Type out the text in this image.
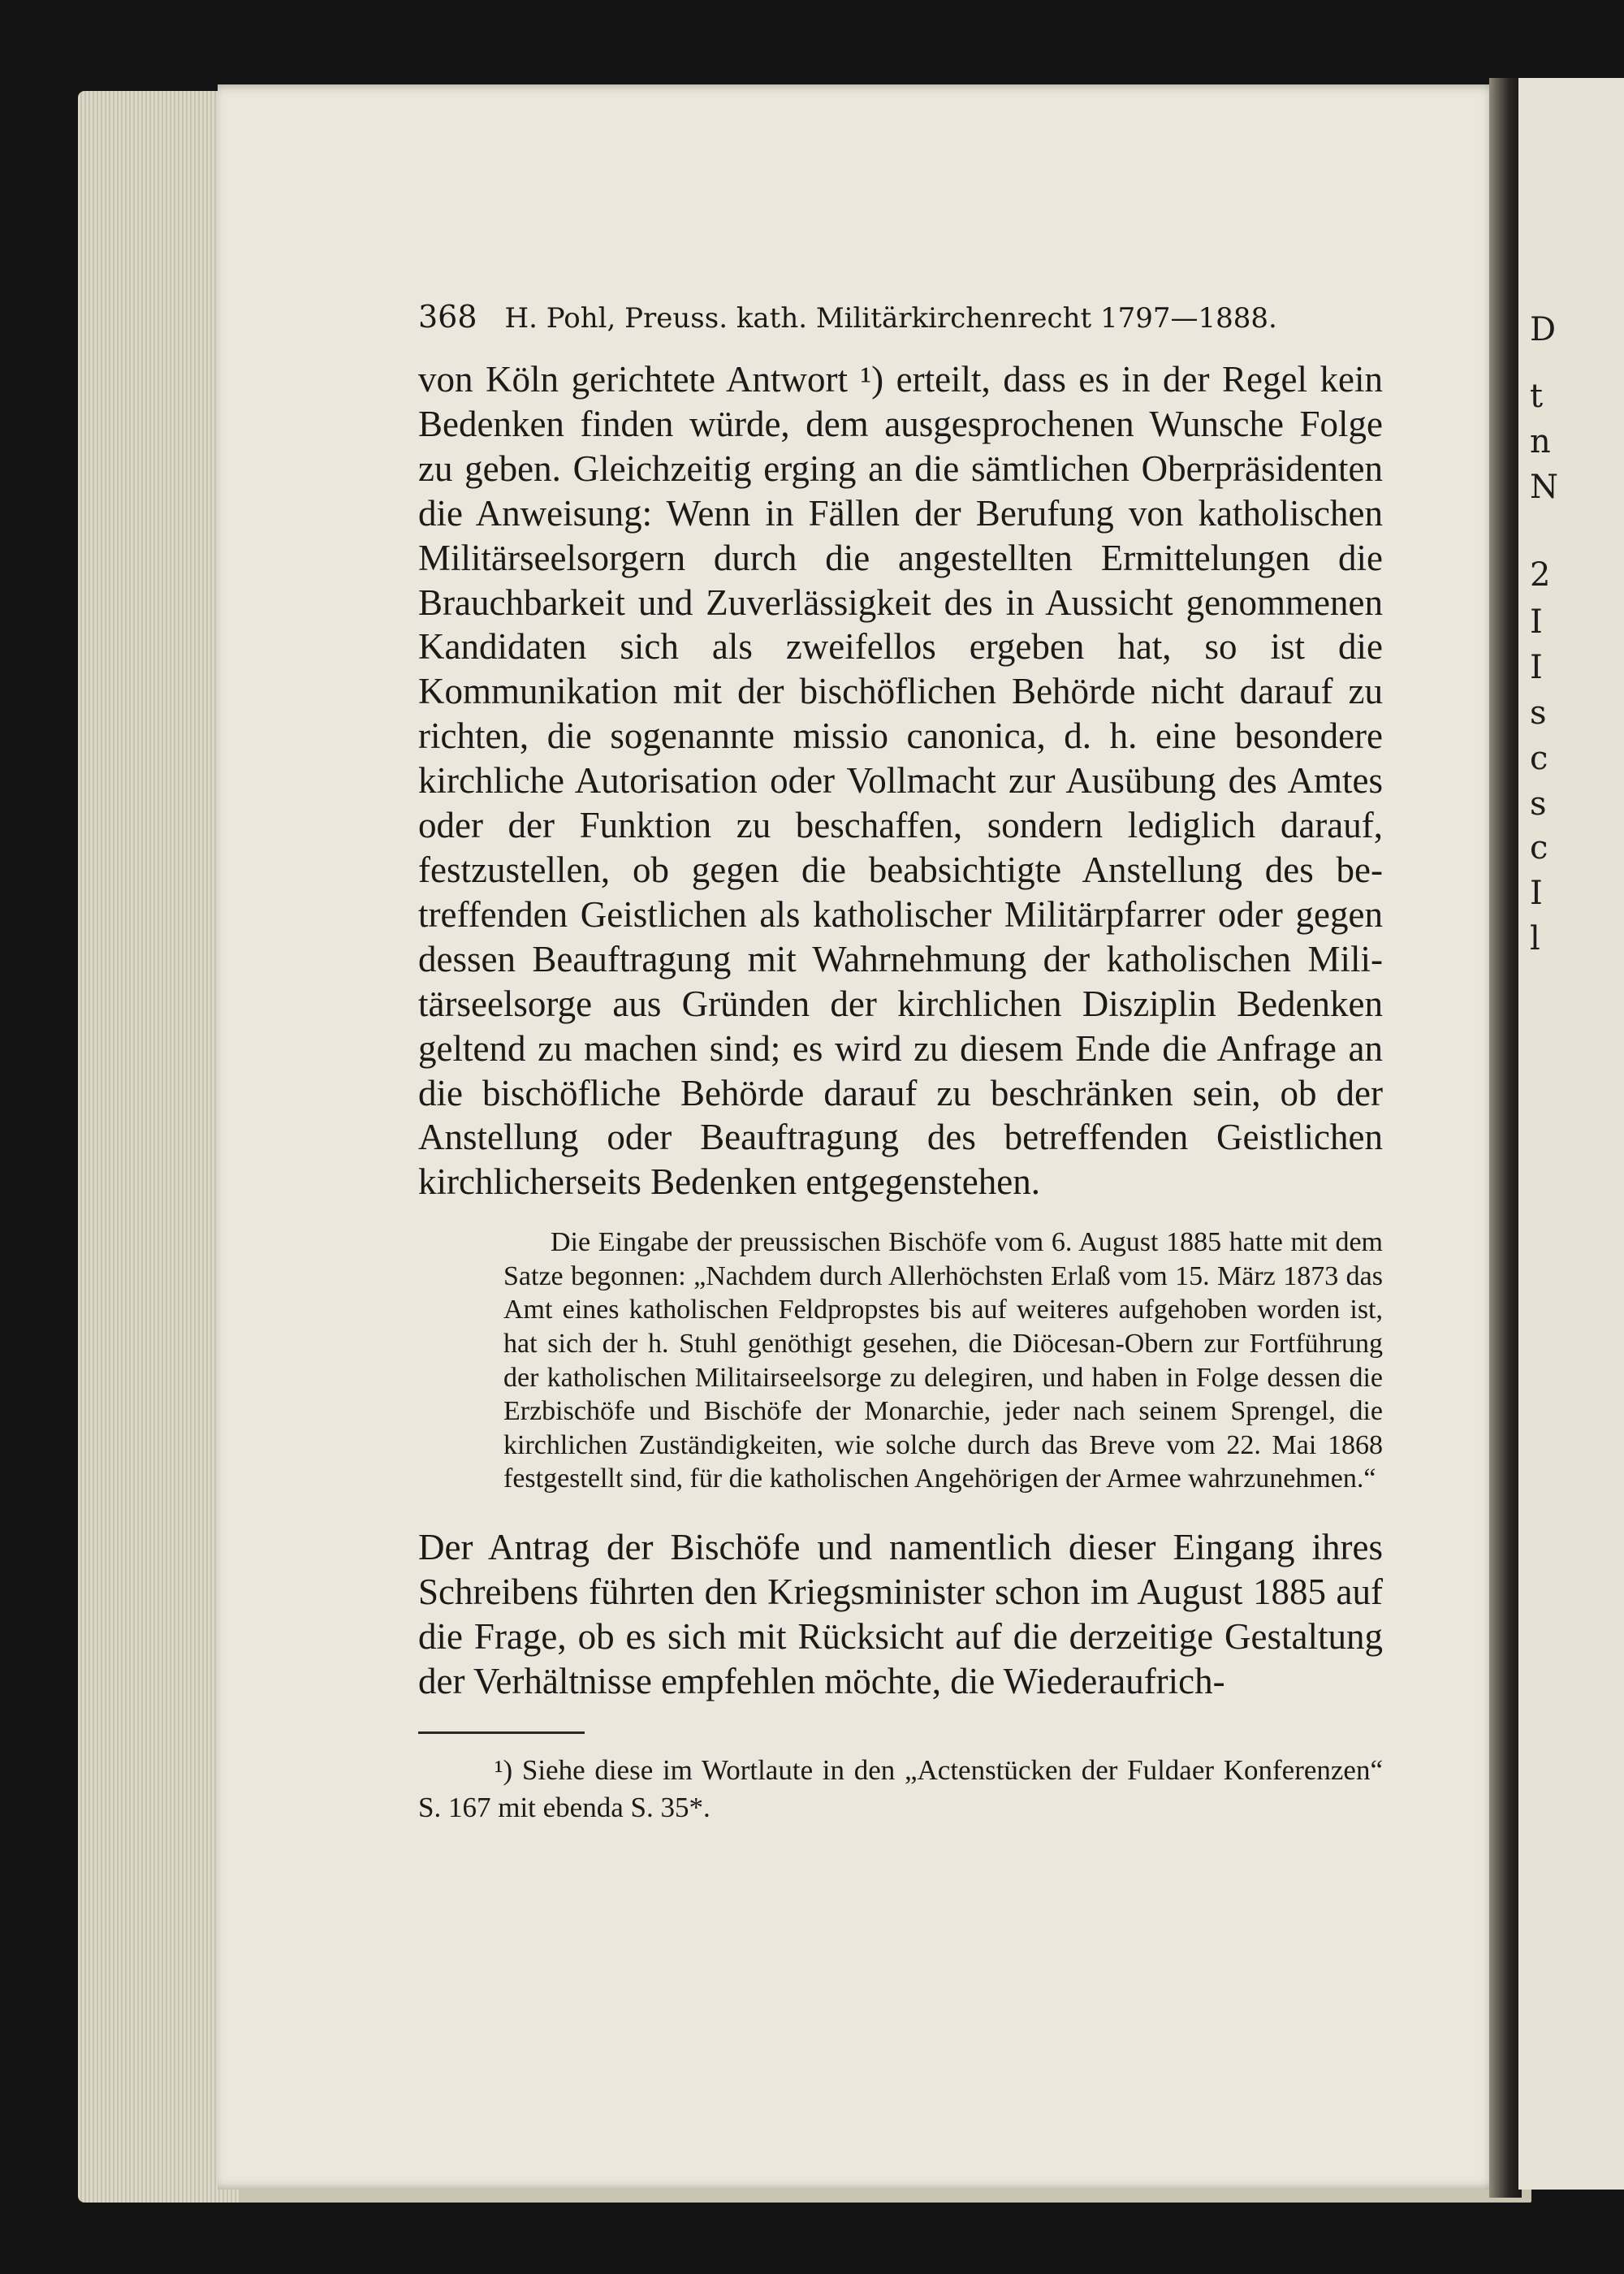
D
t
n
N
2
I
I
s
c
s
c
I
l
368 H. Pohl, Preuss. kath. Militärkirchenrecht 1797—1888.

von Köln gerichtete Antwort ¹) erteilt, dass es in der Regel kein Bedenken finden würde, dem ausgesprochenen Wunsche Folge zu geben. Gleichzeitig erging an die sämtlichen Oberpräsidenten die Anweisung: Wenn in Fällen der Berufung von katholischen Militärseelsorgern durch die angestellten Ermittelungen die Brauchbarkeit und Zuverlässigkeit des in Aussicht genommenen Kandidaten sich als zweifellos ergeben hat, so ist die Kommunikation mit der bischöflichen Behörde nicht darauf zu richten, die sogenannte missio canonica, d. h. eine besondere kirchliche Autorisation oder Vollmacht zur Ausübung des Amtes oder der Funktion zu beschaffen, sondern lediglich darauf, festzustellen, ob gegen die beabsichtigte Anstellung des betreffenden Geistlichen als katholischer Militärpfarrer oder gegen dessen Beauftragung mit Wahrnehmung der katholischen Militärseelsorge aus Gründen der kirchlichen Disziplin Bedenken geltend zu machen sind; es wird zu diesem Ende die Anfrage an die bischöfliche Behörde darauf zu beschränken sein, ob der Anstellung oder Beauftragung des betreffenden Geistlichen kirchlicherseits Bedenken entgegenstehen.

Die Eingabe der preussischen Bischöfe vom 6. August 1885 hatte mit dem Satze begonnen: „Nachdem durch Allerhöchsten Erlaß vom 15. März 1873 das Amt eines katholischen Feldpropstes bis auf weiteres aufgehoben worden ist, hat sich der h. Stuhl genöthigt gesehen, die Diöcesan-Obern zur Fortführung der katholischen Militairseelsorge zu delegiren, und haben in Folge dessen die Erzbischöfe und Bischöfe der Monarchie, jeder nach seinem Sprengel, die kirchlichen Zuständigkeiten, wie solche durch das Breve vom 22. Mai 1868 festgestellt sind, für die katholischen Angehörigen der Armee wahrzunehmen.“

Der Antrag der Bischöfe und namentlich dieser Eingang ihres Schreibens führten den Kriegsminister schon im August 1885 auf die Frage, ob es sich mit Rücksicht auf die derzeitige Gestaltung der Verhältnisse empfehlen möchte, die Wiederaufrich-

¹) Siehe diese im Wortlaute in den „Actenstücken der Fuldaer Konferenzen“ S. 167 mit ebenda S. 35*.
